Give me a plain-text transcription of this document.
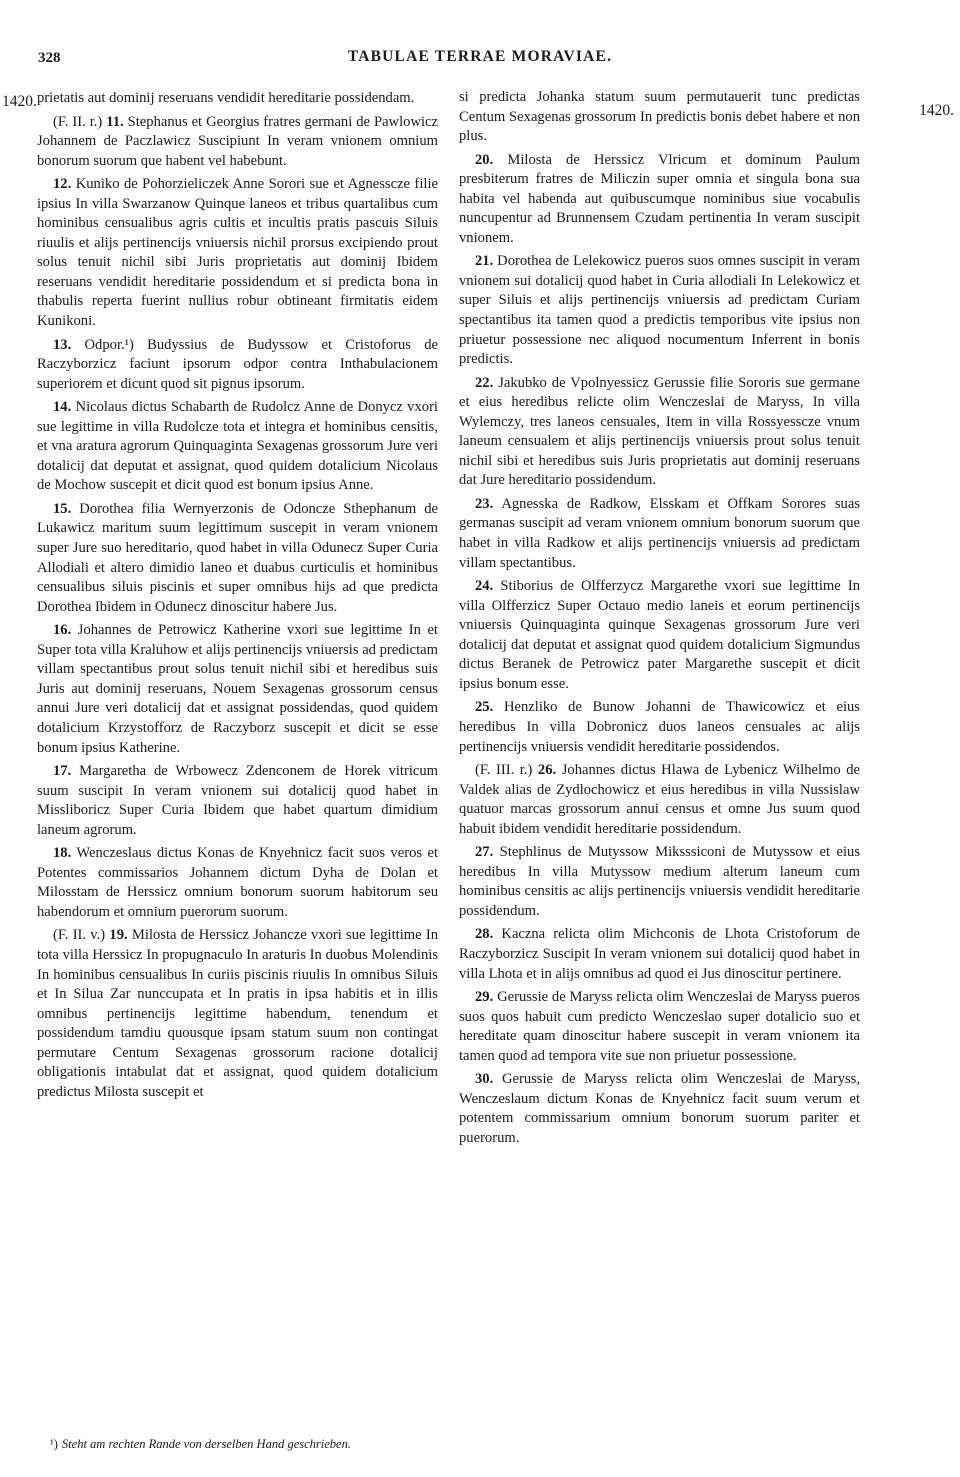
328	TABULAE TERRAE MORAVIAE.
1420.
1420.

prietatis aut dominij reseruans vendidit hereditarie possidendam.

(F. II. r.) 11. Stephanus et Georgius fratres germani de Pawlowicz Johannem de Paczlawicz Suscipiunt In veram vnionem omnium bonorum suorum que habent vel habebunt.

12. Kuniko de Pohorzieliczek Anne Sorori sue et Agnesscze filie ipsius In villa Swarzanow Quinque laneos et tribus quartalibus cum hominibus censualibus agris cultis et incultis pratis pascuis Siluis riuulis et alijs pertinencijs vniuersis nichil prorsus excipiendo prout solus tenuit nichil sibi Juris proprietatis aut dominij Ibidem reseruans vendidit hereditarie possidendum et si predicta bona in thabulis reperta fuerint nullius robur obtineant firmitatis eidem Kunikoni.

13. Odpor.¹) Budyssius de Budyssow et Cristoforus de Raczyborzicz faciunt ipsorum odpor contra Inthabulacionem superiorem et dicunt quod sit pignus ipsorum.

14. Nicolaus dictus Schabarth de Rudolcz Anne de Donycz vxori sue legittime in villa Rudolcze tota et integra et hominibus censitis, et vna aratura agrorum Quinquaginta Sexagenas grossorum Jure veri dotalicij dat deputat et assignat, quod quidem dotalicium Nicolaus de Mochow suscepit et dicit quod est bonum ipsius Anne.

15. Dorothea filia Wernyerzonis de Odoncze Sthephanum de Lukawicz maritum suum legittimum suscepit in veram vnionem super Jure suo hereditario, quod habet in villa Odunecz Super Curia Allodiali et altero dimidio laneo et duabus curticulis et hominibus censualibus siluis piscinis et super omnibus hijs ad que predicta Dorothea Ibidem in Odunecz dinoscitur habere Jus.

16. Johannes de Petrowicz Katherine vxori sue legittime In et Super tota villa Kraluhow et alijs pertinencijs vniuersis ad predictam villam spectantibus prout solus tenuit nichil sibi et heredibus suis Juris aut dominij reseruans, Nouem Sexagenas grossorum census annui Jure veri dotalicij dat et assignat possidendas, quod quidem dotalicium Krzystofforz de Raczyborz suscepit et dicit se esse bonum ipsius Katherine.

17. Margaretha de Wrbowecz Zdenconem de Horek vitricum suum suscipit In veram vnionem sui dotalicij quod habet in Missliboricz Super Curia Ibidem que habet quartum dimidium laneum agrorum.

18. Wenczeslaus dictus Konas de Knyehnicz facit suos veros et Potentes commissarios Johannem dictum Dyha de Dolan et Milosstam de Herssicz omnium bonorum suorum habitorum seu habendorum et omnium puerorum suorum.

(F. II. v.) 19. Milosta de Herssicz Johancze vxori sue legittime In tota villa Herssicz In propugnaculo In araturis In duobus Molendinis In hominibus censualibus In curiis piscinis riuulis In omnibus Siluis et In Silua Zar nunccupata et In pratis in ipsa habitis et in illis omnibus pertinencijs legittime habendum, tenendum et possidendum tamdiu quousque ipsam statum suum non contingat permutare Centum Sexagenas grossorum racione dotalicij obligationis intabulat dat et assignat, quod quidem dotalicium predictus Milosta suscepit et

si predicta Johanka statum suum permutauerit tunc predictas Centum Sexagenas grossorum In predictis bonis debet habere et non plus.

20. Milosta de Herssicz Vlricum et dominum Paulum presbiterum fratres de Miliczin super omnia et singula bona sua habita vel habenda aut quibuscumque nominibus siue vocabulis nuncupentur ad Brunnensem Czudam pertinentia In veram suscipit vnionem.

21. Dorothea de Lelekowicz pueros suos omnes suscipit in veram vnionem sui dotalicij quod habet in Curia allodiali In Lelekowicz et super Siluis et alijs pertinencijs vniuersis ad predictam Curiam spectantibus ita tamen quod a predictis temporibus vite ipsius non priuetur possessione nec aliquod nocumentum Inferrent in bonis predictis.

22. Jakubko de Vpolnyessicz Gerussie filie Sororis sue germane et eius heredibus relicte olim Wenczeslai de Maryss, In villa Wylemczy, tres laneos censuales, Item in villa Rossyesscze vnum laneum censualem et alijs pertinencijs vniuersis prout solus tenuit nichil sibi et heredibus suis Juris proprietatis aut dominij reseruans dat Jure hereditario possidendum.

23. Agnesska de Radkow, Elsskam et Offkam Sorores suas germanas suscipit ad veram vnionem omnium bonorum suorum que habet in villa Radkow et alijs pertinencijs vniuersis ad predictam villam spectantibus.

24. Stiborius de Olfferzycz Margarethe vxori sue legittime In villa Olfferzicz Super Octauo medio laneis et eorum pertinencijs vniuersis Quinquaginta quinque Sexagenas grossorum Jure veri dotalicij dat deputat et assignat quod quidem dotalicium Sigmundus dictus Beranek de Petrowicz pater Margarethe suscepit et dicit ipsius bonum esse.

25. Henzliko de Bunow Johanni de Thawicowicz et eius heredibus In villa Dobronicz duos laneos censuales ac alijs pertinencijs vniuersis vendidit hereditarie possidendos.

(F. III. r.) 26. Johannes dictus Hlawa de Lybenicz Wilhelmo de Valdek alias de Zydlochowicz et eius heredibus in villa Nussislaw quatuor marcas grossorum annui census et omne Jus suum quod habuit ibidem vendidit hereditarie possidendum.

27. Stephlinus de Mutyssow Miksssiconi de Mutyssow et eius heredibus In villa Mutyssow medium alterum laneum cum hominibus censitis ac alijs pertinencijs vniuersis vendidit hereditarie possidendum.

28. Kaczna relicta olim Michconis de Lhota Cristoforum de Raczyborzicz Suscipit In veram vnionem sui dotalicij quod habet in villa Lhota et in alijs omnibus ad quod ei Jus dinoscitur pertinere.

29. Gerussie de Maryss relicta olim Wenczeslai de Maryss pueros suos quos habuit cum predicto Wenczeslao super dotalicio suo et hereditate quam dinoscitur habere suscepit in veram vnionem ita tamen quod ad tempora vite sue non priuetur possessione.

30. Gerussie de Maryss relicta olim Wenczeslai de Maryss, Wenczeslaum dictum Konas de Knyehnicz facit suum verum et potentem commissarium omnium bonorum suorum pariter et puerorum.

¹) Steht am rechten Rande von derselben Hand geschrieben.
